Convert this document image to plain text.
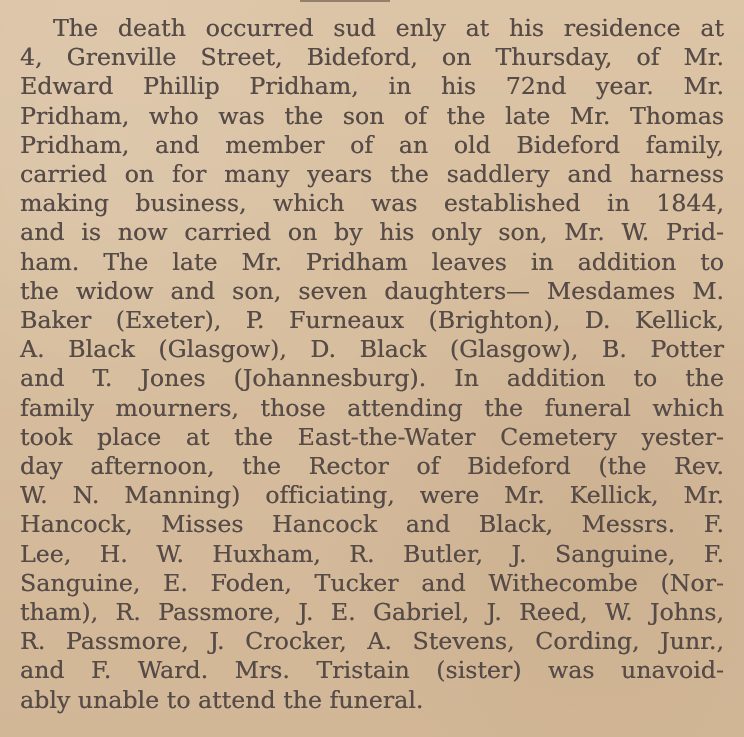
The death occurred sud enly at his residence at
4, Grenville Street, Bideford, on Thursday, of Mr.
Edward Phillip Pridham, in his 72nd year. Mr.
Pridham, who was the son of the late Mr. Thomas
Pridham, and member of an old Bideford family,
carried on for many years the saddlery and harness
making business, which was established in 1844,
and is now carried on by his only son, Mr. W. Prid-
ham. The late Mr. Pridham leaves in addition to
the widow and son, seven daughters— Mesdames M.
Baker (Exeter), P. Furneaux (Brighton), D. Kellick,
A. Black (Glasgow), D. Black (Glasgow), B. Potter
and T. Jones (Johannesburg). In addition to the
family mourners, those attending the funeral which
took place at the East-the-Water Cemetery yester-
day afternoon, the Rector of Bideford (the Rev.
W. N. Manning) officiating, were Mr. Kellick, Mr.
Hancock, Misses Hancock and Black, Messrs. F.
Lee, H. W. Huxham, R. Butler, J. Sanguine, F.
Sanguine, E. Foden, Tucker and Withecombe (Nor-
tham), R. Passmore, J. E. Gabriel, J. Reed, W. Johns,
R. Passmore, J. Crocker, A. Stevens, Cording, Junr.,
and F. Ward. Mrs. Tristain (sister) was unavoid-
ably unable to attend the funeral.
